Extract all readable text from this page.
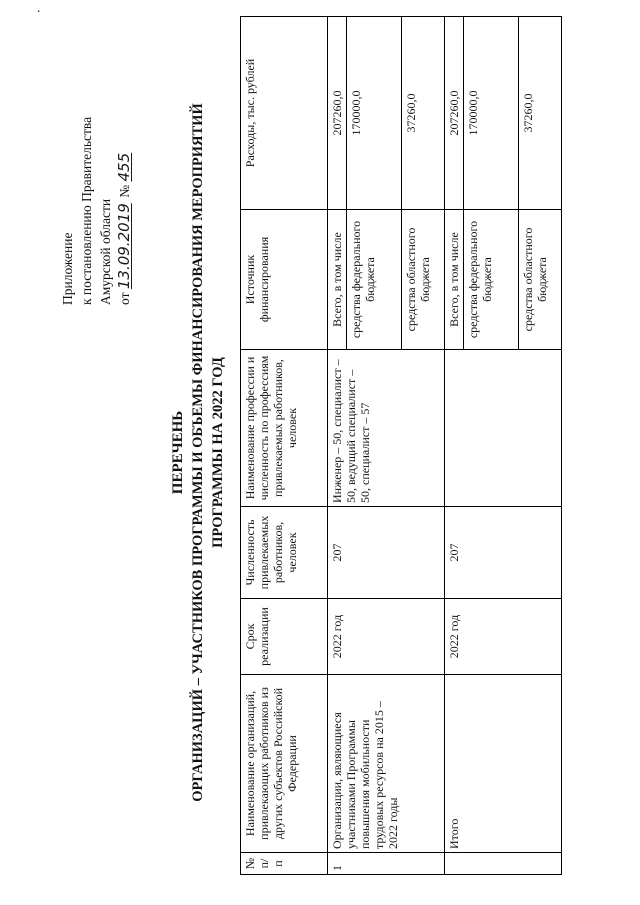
˙
Приложение к постановлению Правительства Амурской области от 13.09.2019 № 455
ПЕРЕЧЕНЬ ОРГАНИЗАЦИЙ – УЧАСТНИКОВ ПРОГРАММЫ И ОБЪЕМЫ ФИНАНСИРОВАНИЯ МЕРОПРИЯТИЙ ПРОГРАММЫ НА 2022 ГОД
№ п/п	Наименование организаций, привлекающих работников из других субъектов Российской Федерации	Срок реализации	Численность привлекаемых работников, человек	Наименование профессии и численность по профессиям привлекаемых работников, человек	Источник финансирования	Расходы, тыс. рублей
1	Организации, являющиеся участниками Программы повышения мобильности трудовых ресурсов на 2015 – 2022 годы	2022 год	207	Инженер – 50, специалист – 50, ведущий специалист – 50, специалист – 57	Всего, в том числе	207260,0
					средства федерального бюджета	170000,0
					средства областного бюджета	37260,0
	Итого	2022 год	207		Всего, в том числе	207260,0
					средства федерального бюджета	170000,0
					средства областного бюджета	37260,0
